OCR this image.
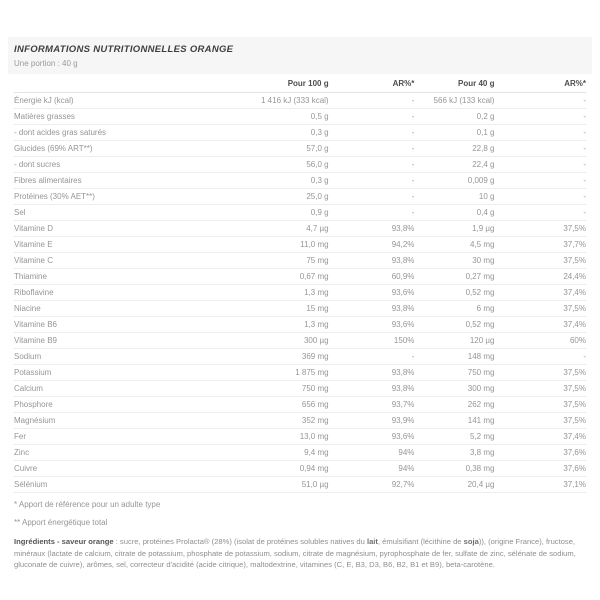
INFORMATIONS NUTRITIONNELLES ORANGE
Une portion : 40 g
	Pour 100 g	AR%*	Pour 40 g	AR%*
Énergie kJ (kcal)	1 416 kJ (333 kcal)	-	566 kJ (133 kcal)	-
Matières grasses	0,5 g	-	0,2 g	-
- dont acides gras saturés	0,3 g	-	0,1 g	-
Glucides (69% ART**)	57,0 g	-	22,8 g	-
- dont sucres	56,0 g	-	22,4 g	-
Fibres alimentaires	0,3 g	-	0,009 g	-
Protéines (30% AET**)	25,0 g	-	10 g	-
Sel	0,9 g	-	0,4 g	-
Vitamine D	4,7 µg	93,8%	1,9 µg	37,5%
Vitamine E	11,0 mg	94,2%	4,5 mg	37,7%
Vitamine C	75 mg	93,8%	30 mg	37,5%
Thiamine	0,67 mg	60,9%	0,27 mg	24,4%
Riboflavine	1,3 mg	93,6%	0,52 mg	37,4%
Niacine	15 mg	93,8%	6 mg	37,5%
Vitamine B6	1,3 mg	93,6%	0,52 mg	37,4%
Vitamine B9	300 µg	150%	120 µg	60%
Sodium	369 mg	-	148 mg	-
Potassium	1 875 mg	93,8%	750 mg	37,5%
Calcium	750 mg	93,8%	300 mg	37,5%
Phosphore	656 mg	93,7%	262 mg	37,5%
Magnésium	352 mg	93,9%	141 mg	37,5%
Fer	13,0 mg	93,6%	5,2 mg	37,4%
Zinc	9,4 mg	94%	3,8 mg	37,6%
Cuivre	0,94 mg	94%	0,38 mg	37,6%
Sélénium	51,0 µg	92,7%	20,4 µg	37,1%
* Apport de référence pour un adulte type
** Apport énergétique total

Ingrédients - saveur orange : sucre, protéines Prolacta® (28%) (isolat de protéines solubles natives du lait, émulsifiant (lécithine de soja)), (origine France), fructose, minéraux (lactate de calcium, citrate de potassium, phosphate de potassium, sodium, citrate de magnésium, pyrophosphate de fer, sulfate de zinc, sélénate de sodium, gluconate de cuivre), arômes, sel, correcteur d'acidité (acide citrique), maltodextrine, vitamines (C, E, B3, D3, B6, B2, B1 et B9), beta-carotène.
